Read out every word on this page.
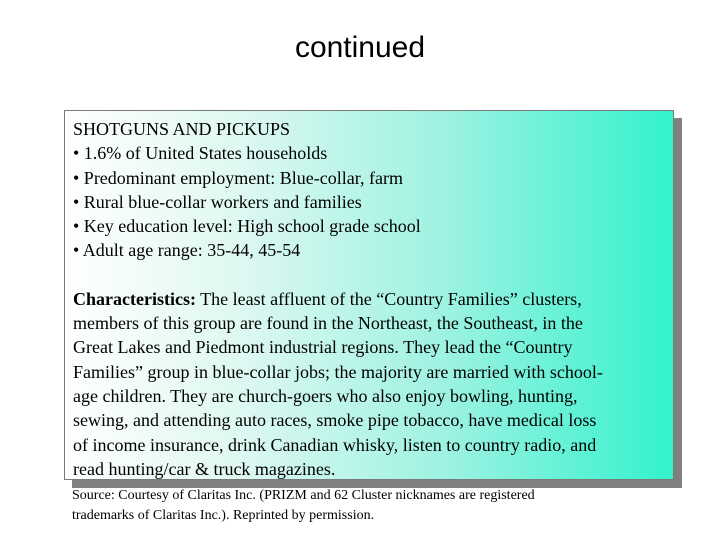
continued
SHOTGUNS AND PICKUPS
• 1.6% of United States households
• Predominant employment: Blue-collar, farm
• Rural blue-collar workers and families
• Key education level: High school grade school
• Adult age range: 35-44, 45-54
Characteristics: The least affluent of the “Country Families” clusters,
members of this group are found in the Northeast, the Southeast, in the
Great Lakes and Piedmont industrial regions. They lead the “Country
Families” group in blue-collar jobs; the majority are married with school-
age children. They are church-goers who also enjoy bowling, hunting,
sewing, and attending auto races, smoke pipe tobacco, have medical loss
of income insurance, drink Canadian whisky, listen to country radio, and
read hunting/car & truck magazines.
Source: Courtesy of Claritas Inc. (PRIZM and 62 Cluster nicknames are registered
trademarks of Claritas Inc.). Reprinted by permission.
